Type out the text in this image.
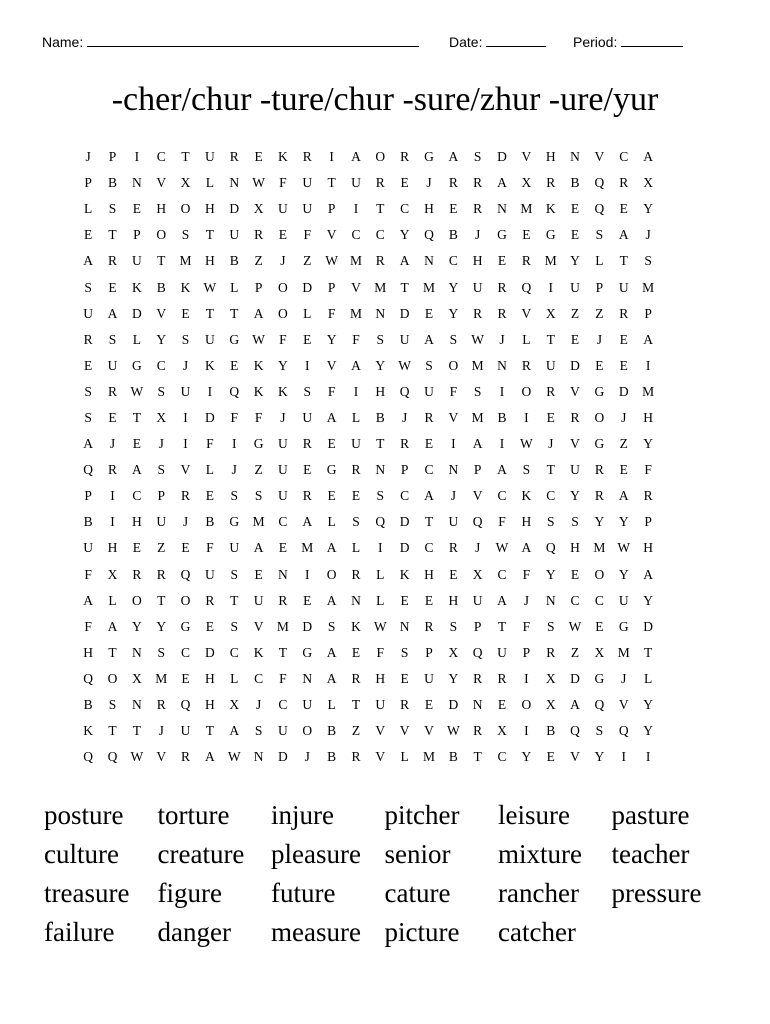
Name:	Date:	Period:
-cher/chur -ture/chur -sure/zhur -ure/yur
J	P	I	C	T	U	R	E	K	R	I	A	O	R	G	A	S	D	V	H	N	V	C	A
P	B	N	V	X	L	N W	F	U	T	U	R	E	J	R	R	A	X	R	B	Q	R	X
L	S	E	H	O	H	D	X	U	U	P	I	T	C	H	E	R	N M K	E	Q	E	Y
E	T	P	O	S	T	U	R	E	F	V	C	C	Y	Q	B	J	G	E	G	E	S	A	J
A	R	U	T	M H	B	Z	J	Z	W M	R	A	N	C	H	E	R	M Y	L	T	S
S	E	K	B	K W	L	P	O	D	P	V M	T	M Y	U	R	Q	I	U	P	U M
U	A	D	V	E	T	T	A	O	L	F	M N	D	E	Y	R	R	V	X	Z	Z	R	P
R	S	L	Y	S	U	G W	F	E	Y	F	S	U	A	S	W	J	L	T	E	J	E	A
E	U	G	C	J	K	E	K	Y	I	V	A	Y W	S	O M N	R	U	D	E	E	I
S	R W	S	U	I	Q	K	K	S	F	I	H	Q	U	F	S	I	O	R	V	G	D M
S	E	T	X	I	D	F	F	J	U	A	L	B	J	R	V M	B	I	E	R	O	J	H
A	J	E	J	I	F	I	G	U	R	E	U	T	R	E	I	A	I	W	J	V	G	Z	Y
Q	R	A	S	V	L	J	Z	U	E	G	R	N	P	C	N	P	A	S	T	U	R	E	F
P	I	C	P	R	E	S	S	U	R	E	E	S	C	A	J	V	C	K	C	Y	R	A	R
B	I	H	U	J	B	G M	C	A	L	S	Q	D	T	U	Q	F	H	S	S	Y	Y	P
U	H	E	Z	E	F	U	A	E	M A	L	I	D	C	R	J	W A	Q	H M W H
F	X	R	R	Q	U	S	E	N	I	O	R	L	K	H	E	X	C	F	Y	E	O	Y	A
A	L	O	T	O	R	T	U	R	E	A	N	L	E	E	H	U	A	J	N	C	C	U	Y
F	A	Y	Y	G	E	S	V M D	S	K W N	R	S	P	T	F	S	W	E	G	D
H	T	N	S	C	D	C	K	T	G	A	E	F	S	P	X	Q	U	P	R	Z	X M	T
Q	O	X M	E	H	L	C	F	N	A	R	H	E	U	Y	R	R	I	X	D	G	J	L
B	S	N	R	Q	H	X	J	C	U	L	T	U	R	E	D	N	E	O	X	A	Q	V	Y
K	T	T	J	U	T	A	S	U	O	B	Z	V	V	V W R	X	I	B	Q	S	Q	Y
Q	Q W V	R	A W N	D	J	B	R	V	L	M	B	T	C	Y	E	V	Y	I	I
posture	torture	injure	pitcher	leisure	pasture
culture	creature pleasure senior	mixture	teacher
treasure	figure	future	cature	rancher	pressure
failure	danger	measure picture	catcher
